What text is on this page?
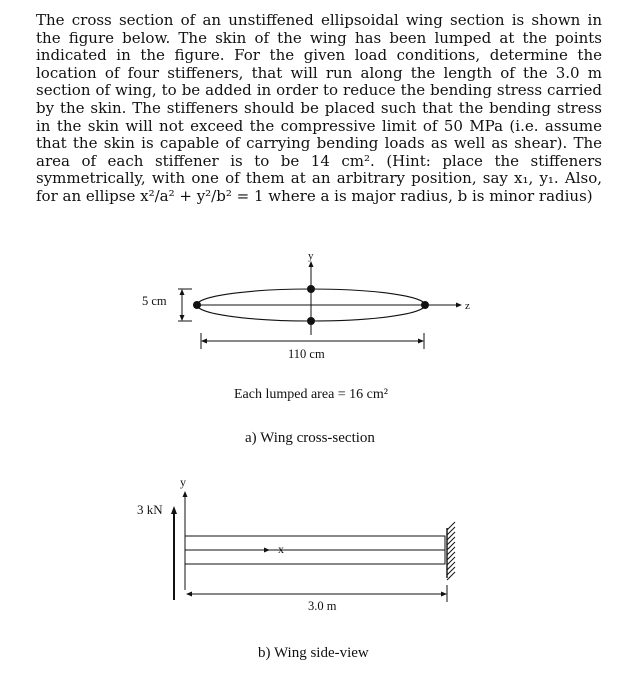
The cross section of an unstiffened ellipsoidal wing section is shown in the figure below. The skin of the wing has been lumped at the points indicated in the figure. For the given load conditions, determine the location of four stiffeners, that will run along the length of the 3.0 m section of wing, to be added in order to reduce the bending stress carried by the skin. The stiffeners should be placed such that the bending stress in the skin will not exceed the compressive limit of 50 MPa (i.e. assume that the skin is capable of carrying bending loads as well as shear). The area of each stiffener is to be 14 cm². (Hint: place the stiffeners symmetrically, with one of them at an arbitrary position, say x₁, y₁. Also, for an ellipse x²/a² + y²/b² = 1 where a is major radius, b is minor radius)

y
z
5 cm
110 cm
Each lumped area = 16 cm²
a) Wing cross-section
y
3 kN
x
3.0 m
b) Wing side-view
